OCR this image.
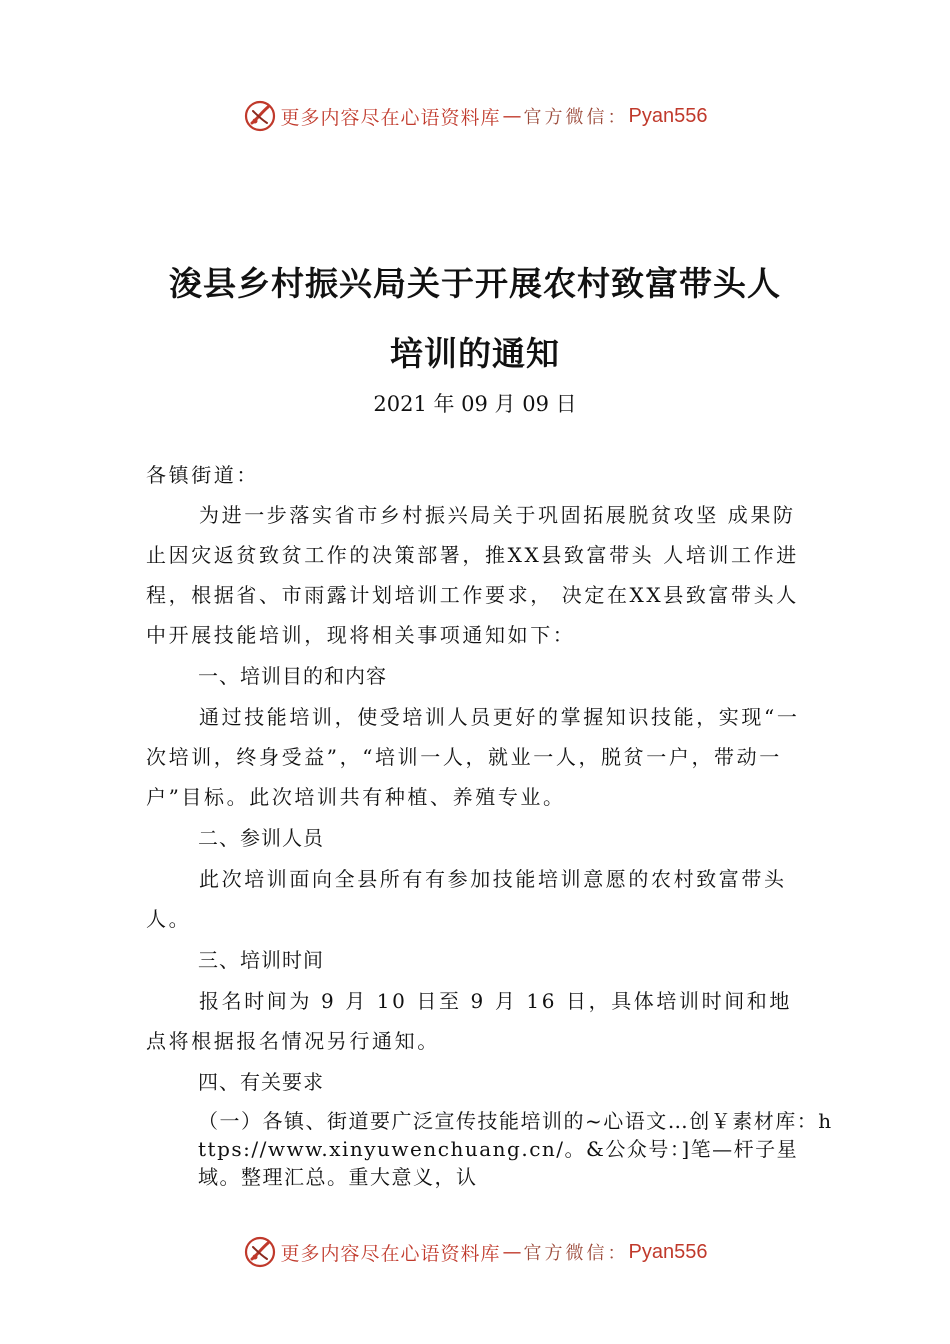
更多内容尽在心语资料库 — 官方微信： Pyan556
浚县乡村振兴局关于开展农村致富带头人
培训的通知
2021 年 09 月 09 日

各镇街道：

为进一步落实省市乡村振兴局关于巩固拓展脱贫攻坚 成果防止因灾返贫致贫工作的决策部署，推XX县致富带头 人培训工作进程，根据省、市雨露计划培训工作要求， 决定在XX县致富带头人中开展技能培训，现将相关事项通知如下：

一、培训目的和内容

通过技能培训，使受培训人员更好的掌握知识技能，实现“一次培训，终身受益”，“培训一人，就业一人，脱贫一户，带动一户”目标。此次培训共有种植、养殖专业。

二、参训人员

此次培训面向全县所有有参加技能培训意愿的农村致富带头人。

三、培训时间

报名时间为 9 月 10 日至 9 月 16 日，具体培训时间和地点将根据报名情况另行通知。

四、有关要求

（一）各镇、街道要广泛宣传技能培训的~心语文…创￥素材库：https://www.xinyuwenchuang.cn/。&公众号：]笔—杆子星域。整理汇总。重大意义，认

更多内容尽在心语资料库 — 官方微信： Pyan556
